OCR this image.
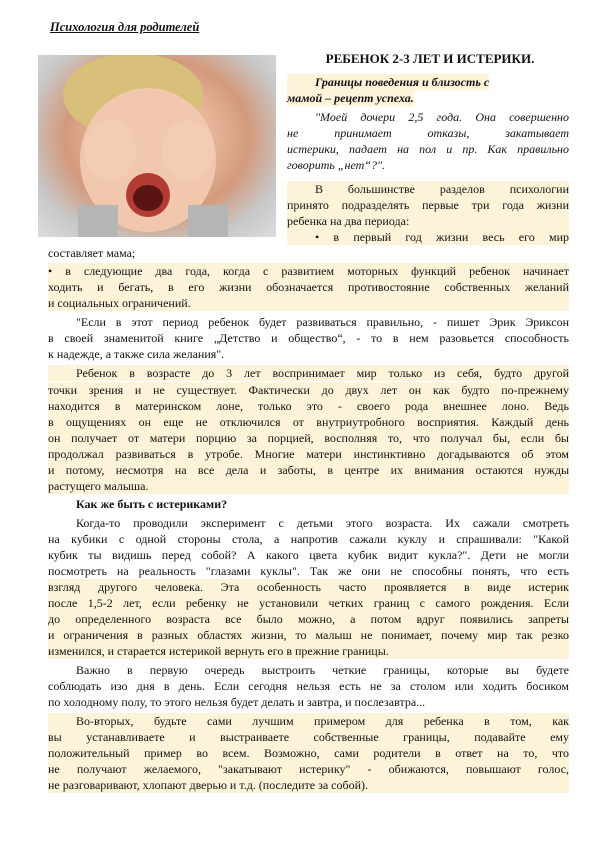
Психология для родителей
РЕБЕНОК 2-3 ЛЕТ И ИСТЕРИКИ.
Границы поведения и близость с
мамой – рецепт успеха.
"Моей дочери 2,5 года. Она совершенно
не принимает отказы, закатывает
истерики, падает на пол и пр. Как правильно
говорить „нет“?".
В большинстве разделов психологии
принято подразделять первые три года жизни
ребенка на два периода:
• в первый год жизни весь его мир
составляет мама;
• в следующие два года, когда с развитием моторных функций ребенок начинает
ходить и бегать, в его жизни обозначается противостояние собственных желаний
и социальных ограничений.
"Если в этот период ребенок будет развиваться правильно, - пишет Эрик Эриксон
в своей знаменитой книге „Детство и общество“, - то в нем разовьется способность
к надежде, а также сила желания".
Ребенок в возрасте до 3 лет воспринимает мир только из себя, будто другой
точки зрения и не существует. Фактически до двух лет он как будто по-прежнему
находится в материнском лоне, только это - своего рода внешнее лоно. Ведь
в ощущениях он еще не отключился от внутриутробного восприятия. Каждый день
он получает от матери порцию за порцией, восполняя то, что получал бы, если бы
продолжал развиваться в утробе. Многие матери инстинктивно догадываются об этом
и потому, несмотря на все дела и заботы, в центре их внимания остаются нужды
растущего малыша.
Как же быть с истериками?
Когда-то проводили эксперимент с детьми этого возраста. Их сажали смотреть
на кубики с одной стороны стола, а напротив сажали куклу и спрашивали: "Какой
кубик ты видишь перед собой? А какого цвета кубик видит кукла?". Дети не могли
посмотреть на реальность "глазами куклы". Так же они не способны понять, что есть
взгляд другого человека. Эта особенность часто проявляется в виде истерик
после 1,5-2 лет, если ребенку не установили четких границ с самого рождения. Если
до определенного возраста все было можно, а потом вдруг появились запреты
и ограничения в разных областях жизни, то малыш не понимает, почему мир так резко
изменился, и старается истерикой вернуть его в прежние границы.
Важно в первую очередь выстроить четкие границы, которые вы будете
соблюдать изо дня в день. Если сегодня нельзя есть не за столом или ходить босиком
по холодному полу, то этого нельзя будет делать и завтра, и послезавтра...
Во-вторых, будьте сами лучшим примером для ребенка в том, как
вы устанавливаете и выстраиваете собственные границы, подавайте ему
положительный пример во всем. Возможно, сами родители в ответ на то, что
не получают желаемого, "закатывают истерику" - обижаются, повышают голос,
не разговаривают, хлопают дверью и т.д. (последите за собой).
